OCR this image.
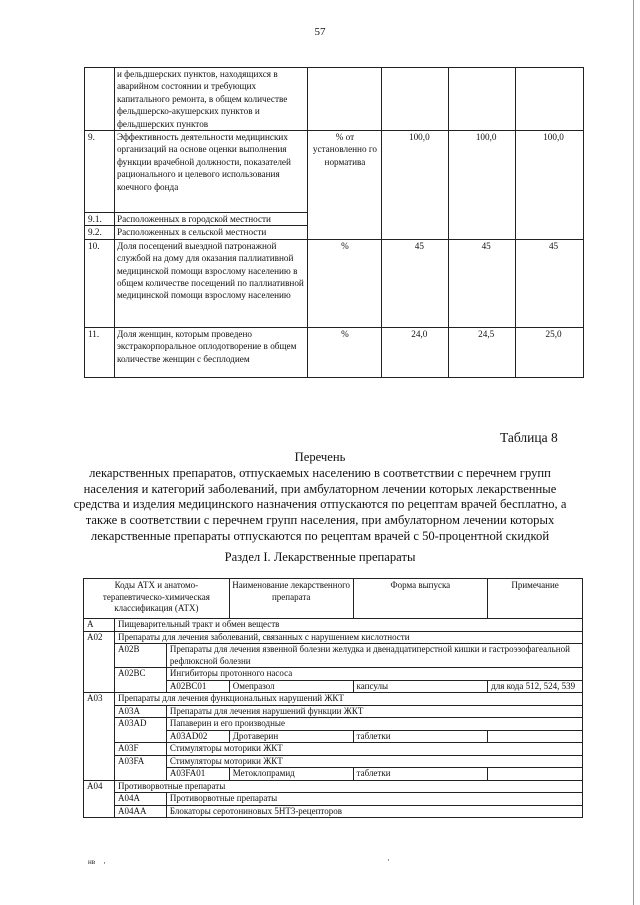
57
	и фельдшерских пунктов, находящихся в аварийном состоянии и требующих капитального ремонта, в общем количестве фельдшерско-акушерских пунктов и фельдшерских пунктов				
9.	Эффективность деятельности медицинских организаций на основе оценки выполнения функции врачебной должности, показателей рационального и целевого использования коечного фонда	% от установленно го норматива	100,0	100,0	100,0
9.1.	Расположенных в городской местности				
9.2.	Расположенных в сельской местности				
10.	Доля посещений выездной патронажной службой на дому для оказания паллиативной медицинской помощи взрослому населению в общем количестве посещений по паллиативной медицинской помощи взрослому населению	%	45	45	45
11.	Доля женщин, которым проведено экстракорпоральное оплодотворение в общем количестве женщин с бесплодием	%	24,0	24,5	25,0
Таблица 8
Перечень
лекарственных препаратов, отпускаемых населению в соответствии с перечнем групп населения и категорий заболеваний, при амбулаторном лечении которых лекарственные средства и изделия медицинского назначения отпускаются по рецептам врачей бесплатно, а также в соответствии с перечнем групп населения, при амбулаторном лечении которых лекарственные препараты отпускаются по рецептам врачей с 50-процентной скидкой
Раздел I. Лекарственные препараты
Коды АТХ и анатомо-терапевтическо-химическая классификация (АТХ)			Наименование лекарственного препарата	Форма выпуска	Примечание
A	Пищеварительный тракт и обмен веществ				
A02	Препараты для лечения заболеваний, связанных с нарушением кислотности				
	A02B	Препараты для лечения язвенной болезни желудка и двенадцатиперстной кишки и гастроэзофагеальной рефлюксной болезни			
	A02BC	Ингибиторы протонного насоса			
		A02BC01	Омепразол	капсулы	для кода 512, 524, 539
A03	Препараты для лечения функциональных нарушений ЖКТ				
	A03A	Препараты для лечения нарушений функции ЖКТ			
	A03AD	Папаверин и его производные			
		A03AD02	Дротаверин	таблетки	
	A03F	Стимуляторы моторики ЖКТ			
	A03FA	Стимуляторы моторики ЖКТ			
		A03FA01	Метоклопрамид	таблетки	
A04	Противорвотные препараты				
	A04A	Противорвотные препараты			
	A04AA	Блокаторы серотониновых 5НТ3-рецепторов			
нв ·	·
